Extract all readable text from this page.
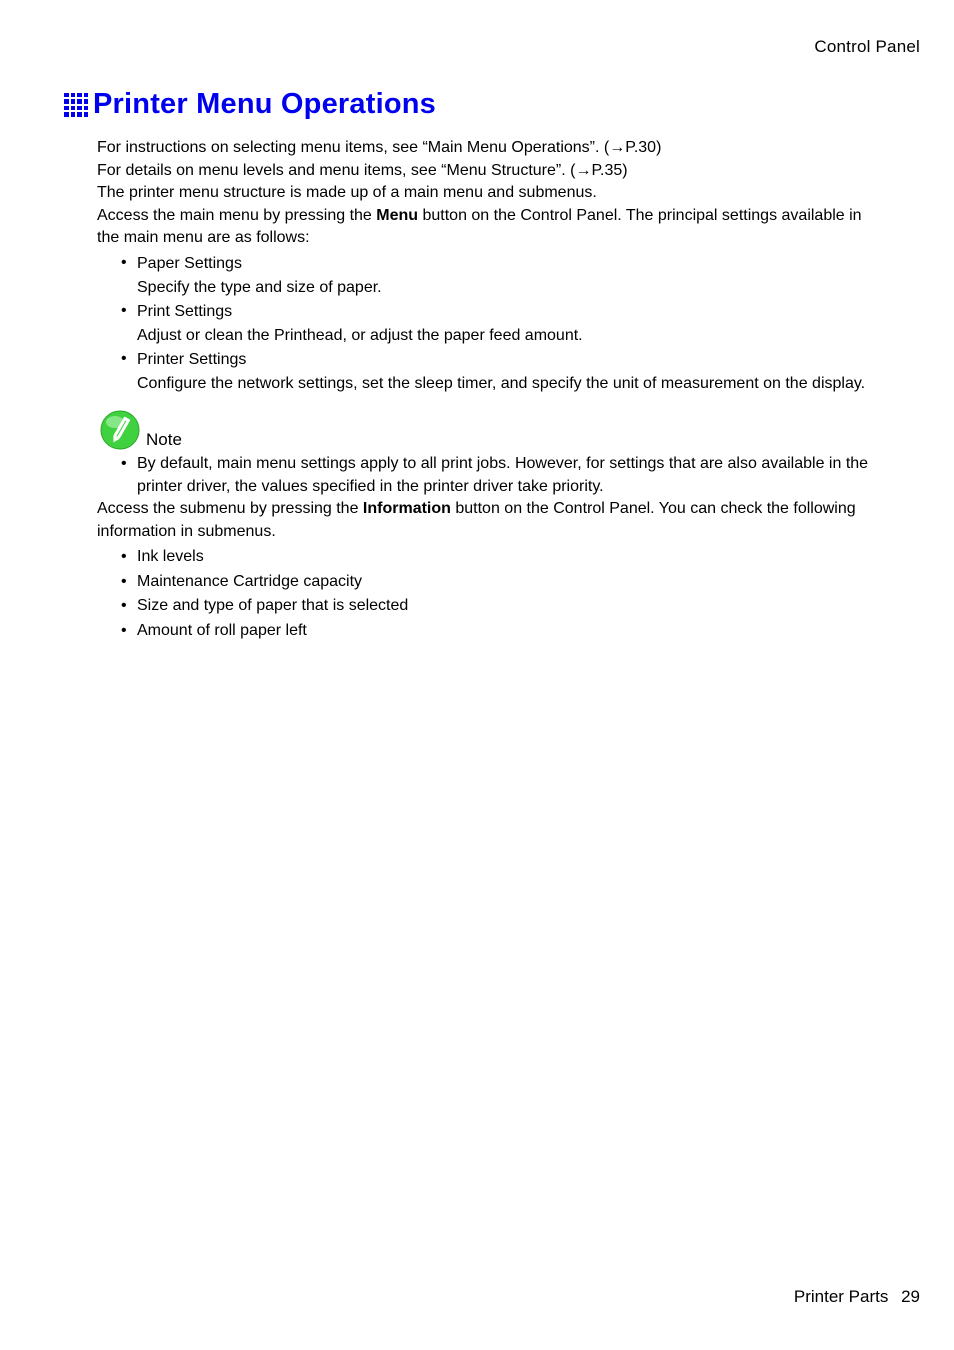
Control Panel
Printer Menu Operations

For instructions on selecting menu items, see “Main Menu Operations”. (→P.30)

For details on menu levels and menu items, see “Menu Structure”. (→P.35)

The printer menu structure is made up of a main menu and submenus.

Access the main menu by pressing the Menu button on the Control Panel. The principal settings available in the main menu are as follows:

• Paper Settings
Specify the type and size of paper.
• Print Settings
Adjust or clean the Printhead, or adjust the paper feed amount.
• Printer Settings
Configure the network settings, set the sleep timer, and specify the unit of measurement on the display.
Note
• By default, main menu settings apply to all print jobs. However, for settings that are also available in the printer driver, the values specified in the printer driver take priority.

Access the submenu by pressing the Information button on the Control Panel. You can check the following information in submenus.

• Ink levels
• Maintenance Cartridge capacity
• Size and type of paper that is selected
• Amount of roll paper left
Printer Parts 29
